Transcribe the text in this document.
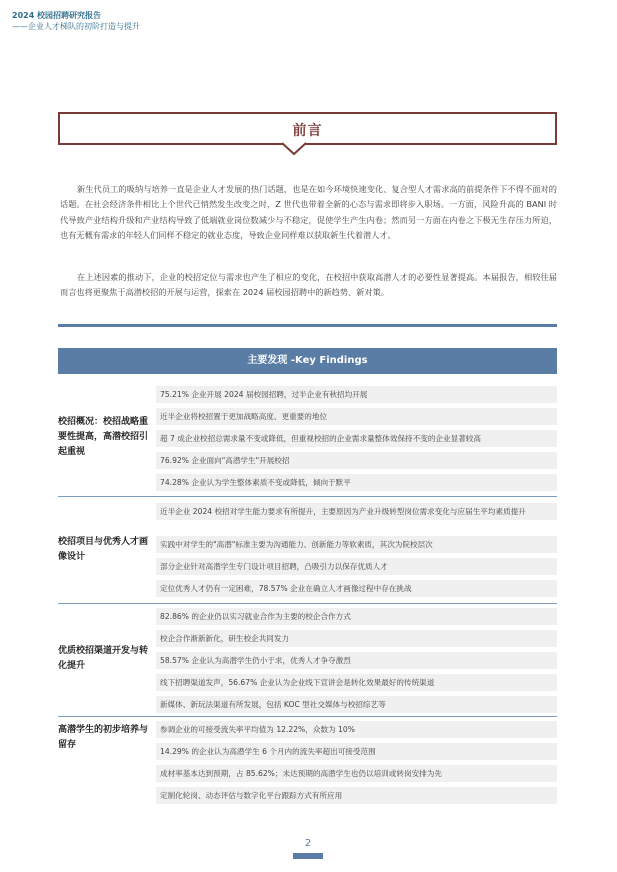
2024 校园招聘研究报告
——企业人才梯队的初阶打造与提升
前言

新生代员工的吸纳与培养一直是企业人才发展的热门话题，也是在如今环境快速变化、复合型人才需求高的前提条件下不得不面对的话题。在社会经济条件相比上个世代已悄然发生改变之时，Z 世代也带着全新的心态与需求即将步入职场。一方面，风险升高的 BANI 时代导致产业结构升级和产业结构导致了低端就业岗位数减少与不稳定，促使学生产生内卷；然而另一方面在内卷之下极无生存压力所迫，也有无概有需求的年轻人们同样不稳定的就业态度，导致企业同样难以获取新生代着潜人才。

在上述因素的推动下，企业的校招定位与需求也产生了相应的变化，在校招中获取高潜人才的必要性显著提高。本届报告，相较往届而言也将更聚焦于高潜校招的开展与运营，探索在 2024 届校园招聘中的新趋势、新对策。

主要发现 -Key Findings
校招概况：校招战略重要性提高，高潜校招引起重视
75.21% 企业开展 2024 届校园招聘，过半企业有秋招均开展
近半企业将校招置于更加战略高度、更重要的地位
超 7 成企业校招总需求量不变或降低，但重视校招的企业需求量整体效保持不变的企业显著较高
76.92% 企业面向"高潜学生"开展校招
74.28% 企业认为学生整体素质不变或降低，倾向于默平
校招项目与优秀人才画像设计
近半企业 2024 校招对学生能力要求有所提升，主要原因为产业升级转型岗位需求变化与应届生平均素质提升
实践中对学生的"高潜"标准主要为沟通能力、创新能力等软素质，其次为院校层次
部分企业针对高潜学生专门设计项目招聘，凸吸引力以保存优质人才
定位优秀人才仍有一定困难，78.57% 企业在确立人才画像过程中存在挑战
优质校招渠道开发与转化提升
82.86% 的企业仍以实习就业合作为主要的校企合作方式
校企合作渐新新化，研生校企共同发力
58.57% 企业认为高潜学生仍小于求，优秀人才争夺激烈
线下招聘渠道发声，56.67% 企业认为企业线下宣讲会是转化效果最好的传统渠道
新媒体、新玩法渠道有所发展，包括 KOC 型社交媒体与校招综艺等
高潜学生的初步培养与留存
参调企业的可接受流失率平均值为 12.22%，众数为 10%
14.29% 的企业认为高潜学生 6 个月内的流失率超出可接受范围
成材率基本达到预期，占 85.62%；未达预期的高潜学生也仍以培训或转岗安排为先
定制化轮岗、动态评估与数字化平台跟踪方式有所应用
2
